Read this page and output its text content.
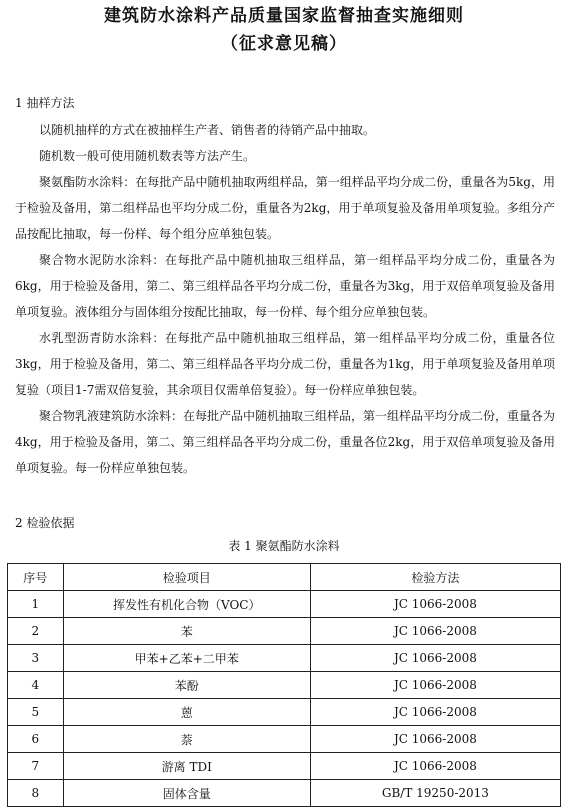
建筑防水涂料产品质量国家监督抽查实施细则
（征求意见稿）
1 抽样方法

以随机抽样的方式在被抽样生产者、销售者的待销产品中抽取。

随机数一般可使用随机数表等方法产生。

聚氨酯防水涂料：在每批产品中随机抽取两组样品，第一组样品平均分成二份，重量各为5kg，用于检验及备用，第二组样品也平均分成二份，重量各为2kg，用于单项复验及备用单项复验。多组分产品按配比抽取，每一份样、每个组分应单独包装。

聚合物水泥防水涂料：在每批产品中随机抽取三组样品，第一组样品平均分成二份，重量各为6kg，用于检验及备用，第二、第三组样品各平均分成二份，重量各为3kg，用于双倍单项复验及备用单项复验。液体组分与固体组分按配比抽取，每一份样、每个组分应单独包装。

水乳型沥青防水涂料：在每批产品中随机抽取三组样品，第一组样品平均分成二份，重量各位3kg，用于检验及备用，第二、第三组样品各平均分成二份，重量各为1kg，用于单项复验及备用单项复验（项目1-7需双倍复验，其余项目仅需单倍复验）。每一份样应单独包装。

聚合物乳液建筑防水涂料：在每批产品中随机抽取三组样品，第一组样品平均分成二份，重量各为4kg，用于检验及备用，第二、第三组样品各平均分成二份，重量各位2kg，用于双倍单项复验及备用单项复验。每一份样应单独包装。

2 检验依据
表 1 聚氨酯防水涂料
序号	检验项目	检验方法
1	挥发性有机化合物（VOC）	JC 1066-2008
2	苯	JC 1066-2008
3	甲苯+乙苯+二甲苯	JC 1066-2008
4	苯酚	JC 1066-2008
5	蒽	JC 1066-2008
6	萘	JC 1066-2008
7	游离 TDI	JC 1066-2008
8	固体含量	GB/T 19250-2013
